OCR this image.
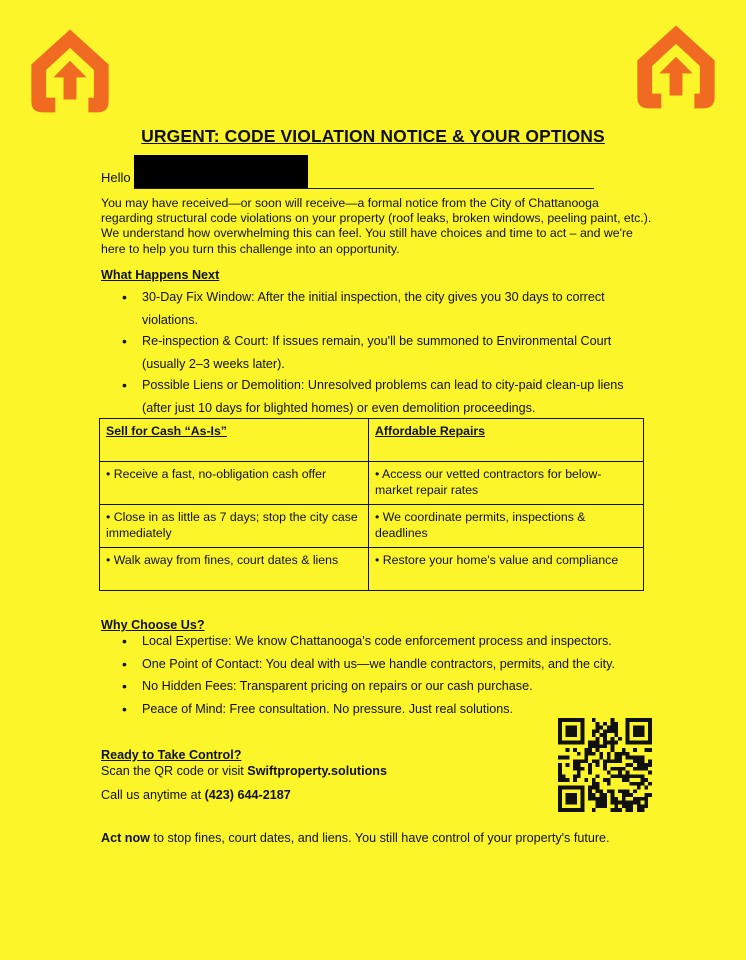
URGENT: CODE VIOLATION NOTICE & YOUR OPTIONS
Hello
You may have received—or soon will receive—a formal notice from the City of Chattanooga regarding structural code violations on your property (roof leaks, broken windows, peeling paint, etc.). We understand how overwhelming this can feel. You still have choices and time to act – and we're here to help you turn this challenge into an opportunity.
What Happens Next
• 30-Day Fix Window: After the initial inspection, the city gives you 30 days to correct violations.
• Re-inspection & Court: If issues remain, you'll be summoned to Environmental Court (usually 2–3 weeks later).
• Possible Liens or Demolition: Unresolved problems can lead to city-paid clean-up liens (after just 10 days for blighted homes) or even demolition proceedings.
Sell for Cash “As-Is”	Affordable Repairs
• Receive a fast, no-obligation cash offer	• Access our vetted contractors for below-market repair rates
• Close in as little as 7 days; stop the city case immediately	• We coordinate permits, inspections & deadlines
• Walk away from fines, court dates & liens	• Restore your home's value and compliance
Why Choose Us?
• Local Expertise: We know Chattanooga's code enforcement process and inspectors.
• One Point of Contact: You deal with us—we handle contractors, permits, and the city.
• No Hidden Fees: Transparent pricing on repairs or our cash purchase.
• Peace of Mind: Free consultation. No pressure. Just real solutions.
Ready to Take Control?
Scan the QR code or visit Swiftproperty.solutions
Call us anytime at (423) 644-2187
Act now to stop fines, court dates, and liens. You still have control of your property's future.
